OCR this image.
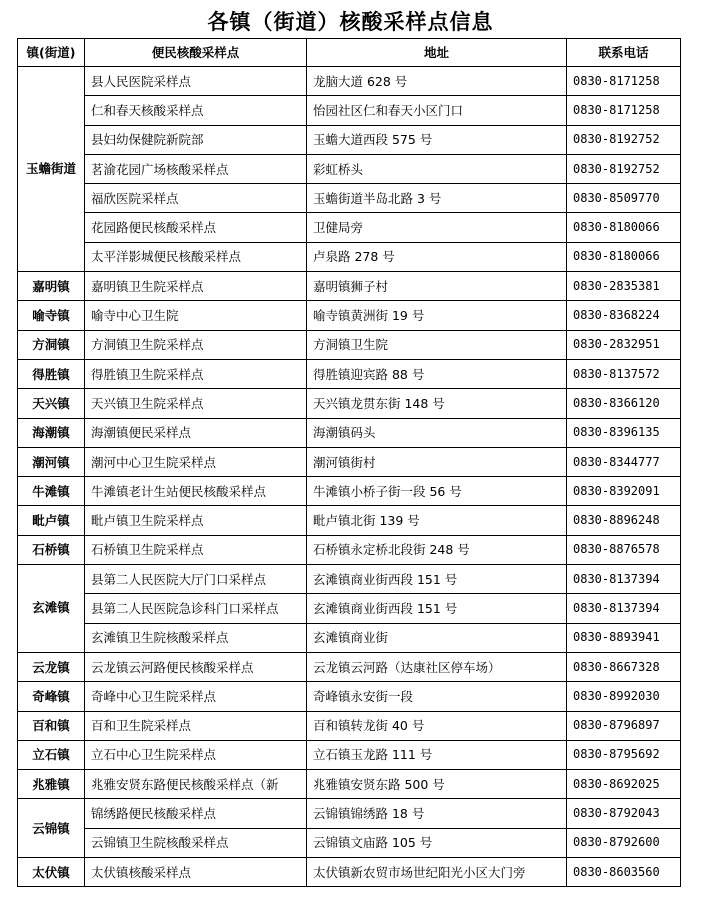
各镇（街道）核酸采样点信息
镇(街道)	便民核酸采样点	地址	联系电话
玉蟾街道	县人民医院采样点	龙脑大道 628 号	0830-8171258
	仁和春天核酸采样点	怡园社区仁和春天小区门口	0830-8171258
	县妇幼保健院新院部	玉蟾大道西段 575 号	0830-8192752
	茗渝花园广场核酸采样点	彩虹桥头	0830-8192752
	福欣医院采样点	玉蟾街道半岛北路 3 号	0830-8509770
	花园路便民核酸采样点	卫健局旁	0830-8180066
	太平洋影城便民核酸采样点	卢泉路 278 号	0830-8180066
嘉明镇	嘉明镇卫生院采样点	嘉明镇狮子村	0830-2835381
喻寺镇	喻寺中心卫生院	喻寺镇黄洲街 19 号	0830-8368224
方洞镇	方洞镇卫生院采样点	方洞镇卫生院	0830-2832951
得胜镇	得胜镇卫生院采样点	得胜镇迎宾路 88 号	0830-8137572
天兴镇	天兴镇卫生院采样点	天兴镇龙贯东街 148 号	0830-8366120
海潮镇	海潮镇便民采样点	海潮镇码头	0830-8396135
潮河镇	潮河中心卫生院采样点	潮河镇街村	0830-8344777
牛滩镇	牛滩镇老计生站便民核酸采样点	牛滩镇小桥子街一段 56 号	0830-8392091
毗卢镇	毗卢镇卫生院采样点	毗卢镇北街 139 号	0830-8896248
石桥镇	石桥镇卫生院采样点	石桥镇永定桥北段街 248 号	0830-8876578
玄滩镇	县第二人民医院大厅门口采样点	玄滩镇商业街西段 151 号	0830-8137394
	县第二人民医院急诊科门口采样点	玄滩镇商业街西段 151 号	0830-8137394
	玄滩镇卫生院核酸采样点	玄滩镇商业街	0830-8893941
云龙镇	云龙镇云河路便民核酸采样点	云龙镇云河路（达康社区停车场）	0830-8667328
奇峰镇	奇峰中心卫生院采样点	奇峰镇永安街一段	0830-8992030
百和镇	百和卫生院采样点	百和镇转龙街 40 号	0830-8796897
立石镇	立石中心卫生院采样点	立石镇玉龙路 111 号	0830-8795692
兆雅镇	兆雅安贤东路便民核酸采样点（新	兆雅镇安贤东路 500 号	0830-8692025
云锦镇	锦绣路便民核酸采样点	云锦镇锦绣路 18 号	0830-8792043
	云锦镇卫生院核酸采样点	云锦镇文庙路 105 号	0830-8792600
太伏镇	太伏镇核酸采样点	太伏镇新农贸市场世纪阳光小区大门旁	0830-8603560
